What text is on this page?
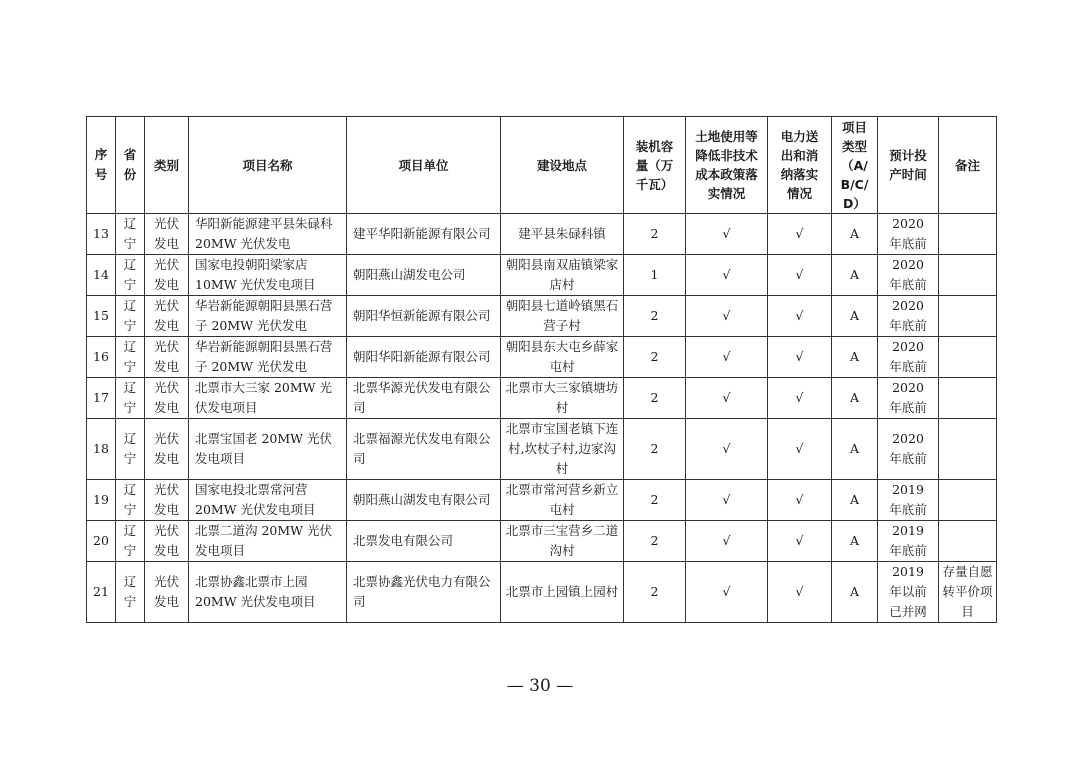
序号	省份	类别	项目名称	项目单位	建设地点	装机容量（万千瓦）	土地使用等降低非技术成本政策落实情况	电力送出和消纳落实情况	项目类型（A/B/C/D）	预计投产时间	备注
13	辽宁	光伏发电	华阳新能源建平县朱碌科 20MW 光伏发电	建平华阳新能源有限公司	建平县朱碌科镇	2	√	√	A	2020 年底前	

14	辽宁	光伏发电	国家电投朝阳梁家店 10MW 光伏发电项目	朝阳燕山湖发电公司	朝阳县南双庙镇梁家店村	1	√	√	A	2020 年底前	

15	辽宁	光伏发电	华岩新能源朝阳县黑石营子 20MW 光伏发电	朝阳华恒新能源有限公司	朝阳县七道岭镇黑石营子村	2	√	√	A	2020 年底前	

16	辽宁	光伏发电	华岩新能源朝阳县黑石营子 20MW 光伏发电	朝阳华阳新能源有限公司	朝阳县东大屯乡薛家屯村	2	√	√	A	2020 年底前	

17	辽宁	光伏发电	北票市大三家 20MW 光伏发电项目	北票华源光伏发电有限公司	北票市大三家镇塘坊村	2	√	√	A	2020 年底前	

18	辽宁	光伏发电	北票宝国老 20MW 光伏发电项目	北票福源光伏发电有限公司	北票市宝国老镇下连村,坎杖子村,边家沟村	2	√	√	A	2020 年底前	

19	辽宁	光伏发电	国家电投北票常河营 20MW 光伏发电项目	朝阳燕山湖发电有限公司	北票市常河营乡新立屯村	2	√	√	A	2019 年底前	

20	辽宁	光伏发电	北票二道沟 20MW 光伏发电项目	北票发电有限公司	北票市三宝营乡二道沟村	2	√	√	A	2019 年底前	

21	辽宁	光伏发电	北票协鑫北票市上园 20MW 光伏发电项目	北票协鑫光伏电力有限公司	北票市上园镇上园村	2	√	√	A	2019 年以前已并网	存量自愿转平价项目
— 30 —
